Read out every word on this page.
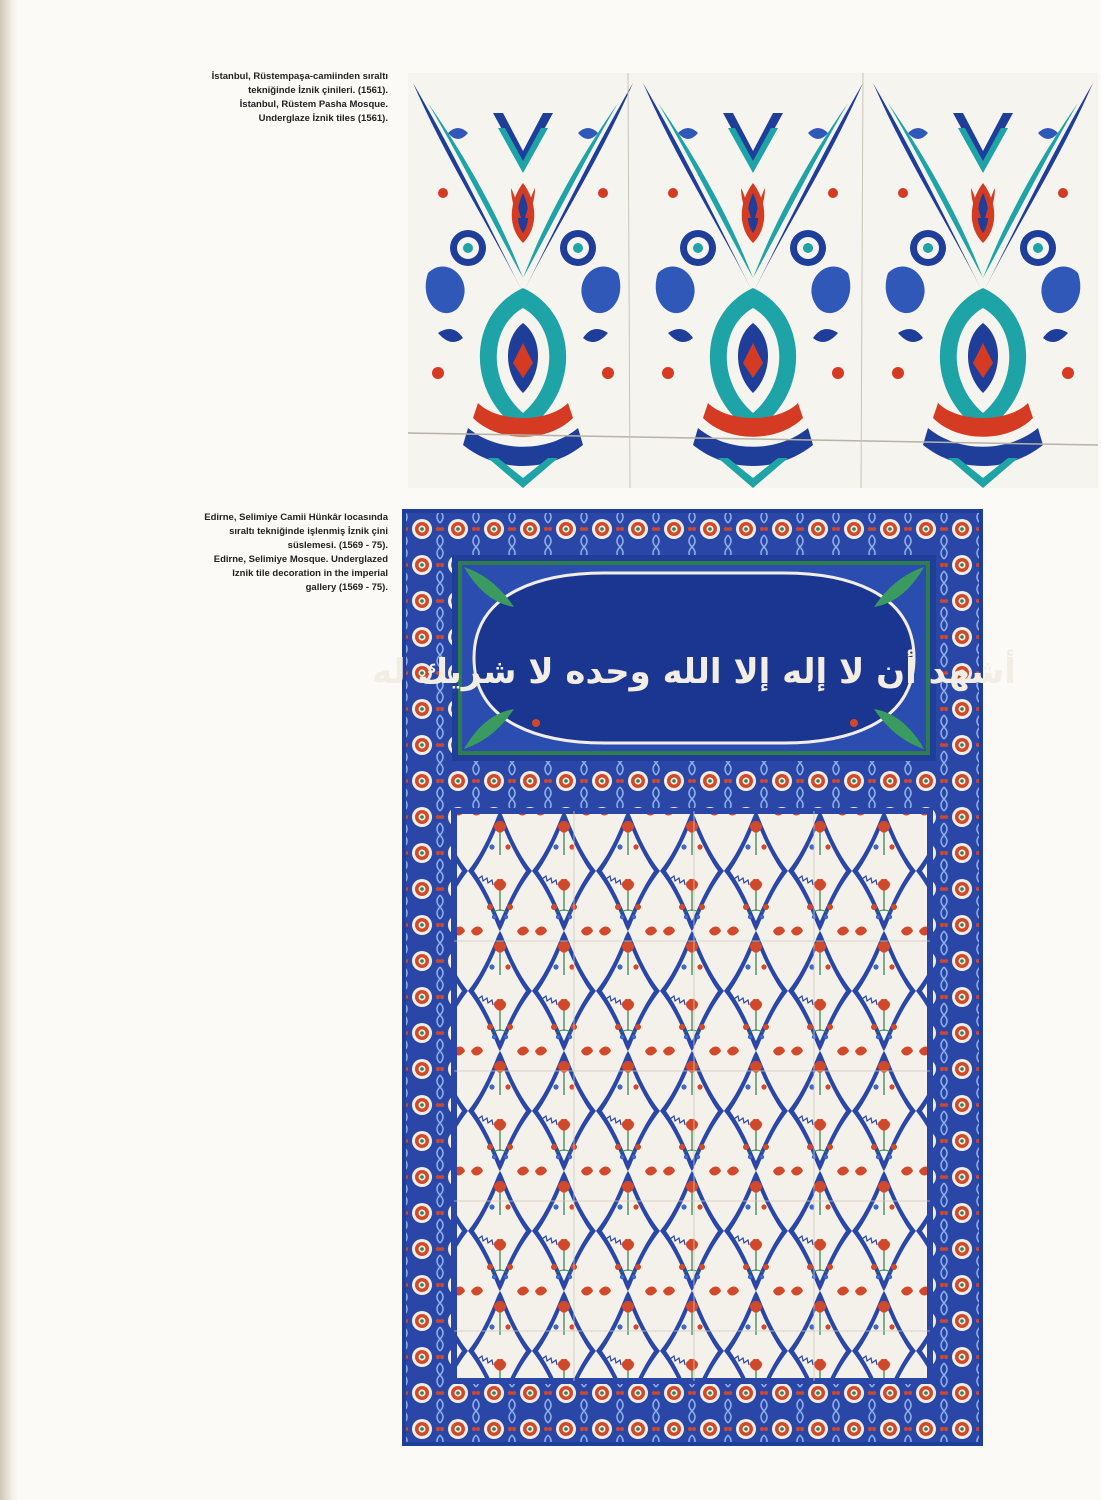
İstanbul, Rüstempaşa-camiinden sıraltı
tekniğinde İznik çinileri. (1561).
İstanbul, Rüstem Pasha Mosque.
Underglaze İznik tiles (1561).
Edirne, Selimiye Camii Hünkâr locasında
sıraltı tekniğinde işlenmiş İznik çini
süslemesi. (1569 - 75).
Edirne, Selimiye Mosque. Underglazed
Iznik tile decoration in the imperial
gallery (1569 - 75).
أشهد أن لا إله إلا الله وحده لا شريك له
